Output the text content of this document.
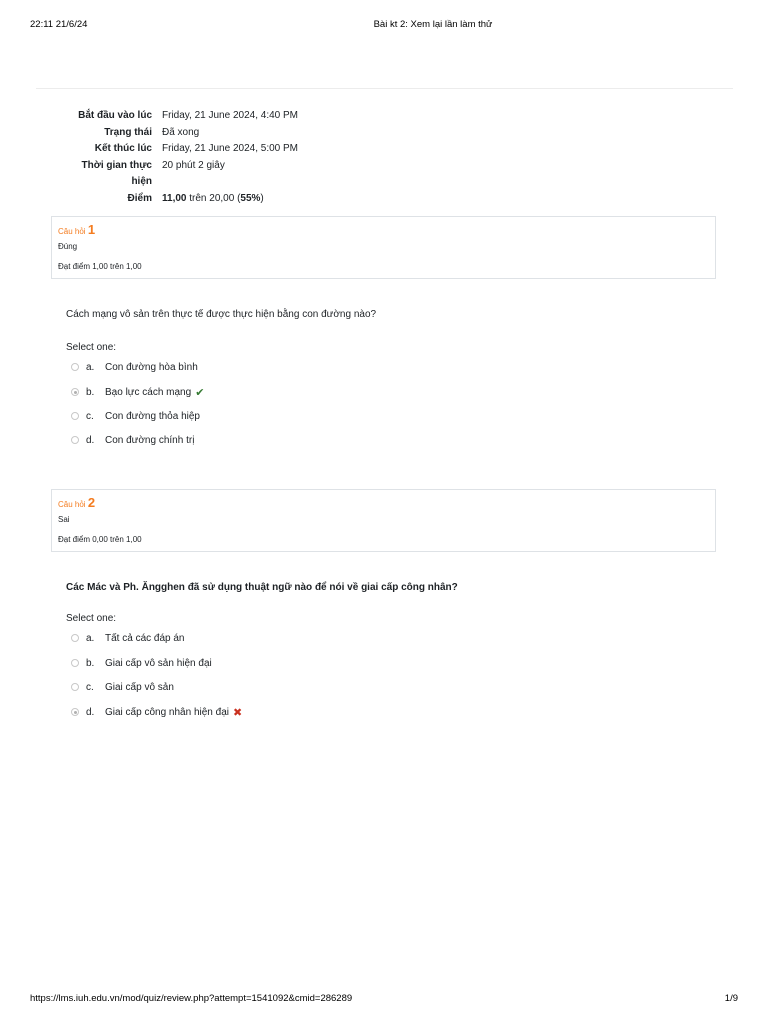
22:11 21/6/24	Bài kt 2: Xem lại lần làm thử
Bắt đầu vào lúc	Friday, 21 June 2024, 4:40 PM
Trạng thái	Đã xong
Kết thúc lúc	Friday, 21 June 2024, 5:00 PM
Thời gian thực
hiện
20 phút 2 giây
Điểm	11,00 trên 20,00 (55%)
Câu hỏi 1
Đúng
Đạt điểm 1,00 trên 1,00
Cách mạng vô sản trên thực tế được thực hiện bằng con đường nào?
Select one:
a.	Con đường hòa bình
b.	Bạo lực cách mạng ✔
c.	Con đường thỏa hiệp
d.	Con đường chính trị
Câu hỏi 2
Sai
Đạt điểm 0,00 trên 1,00
Các Mác và Ph. Ăngghen đã sử dụng thuật ngữ nào để nói về giai cấp công nhân?
Select one:
a.	Tất cả các đáp án
b.	Giai cấp vô sản hiện đại
c.	Giai cấp vô sản
d.	Giai cấp công nhân hiện đại ✖
https://lms.iuh.edu.vn/mod/quiz/review.php?attempt=1541092&cmid=286289	1/9
